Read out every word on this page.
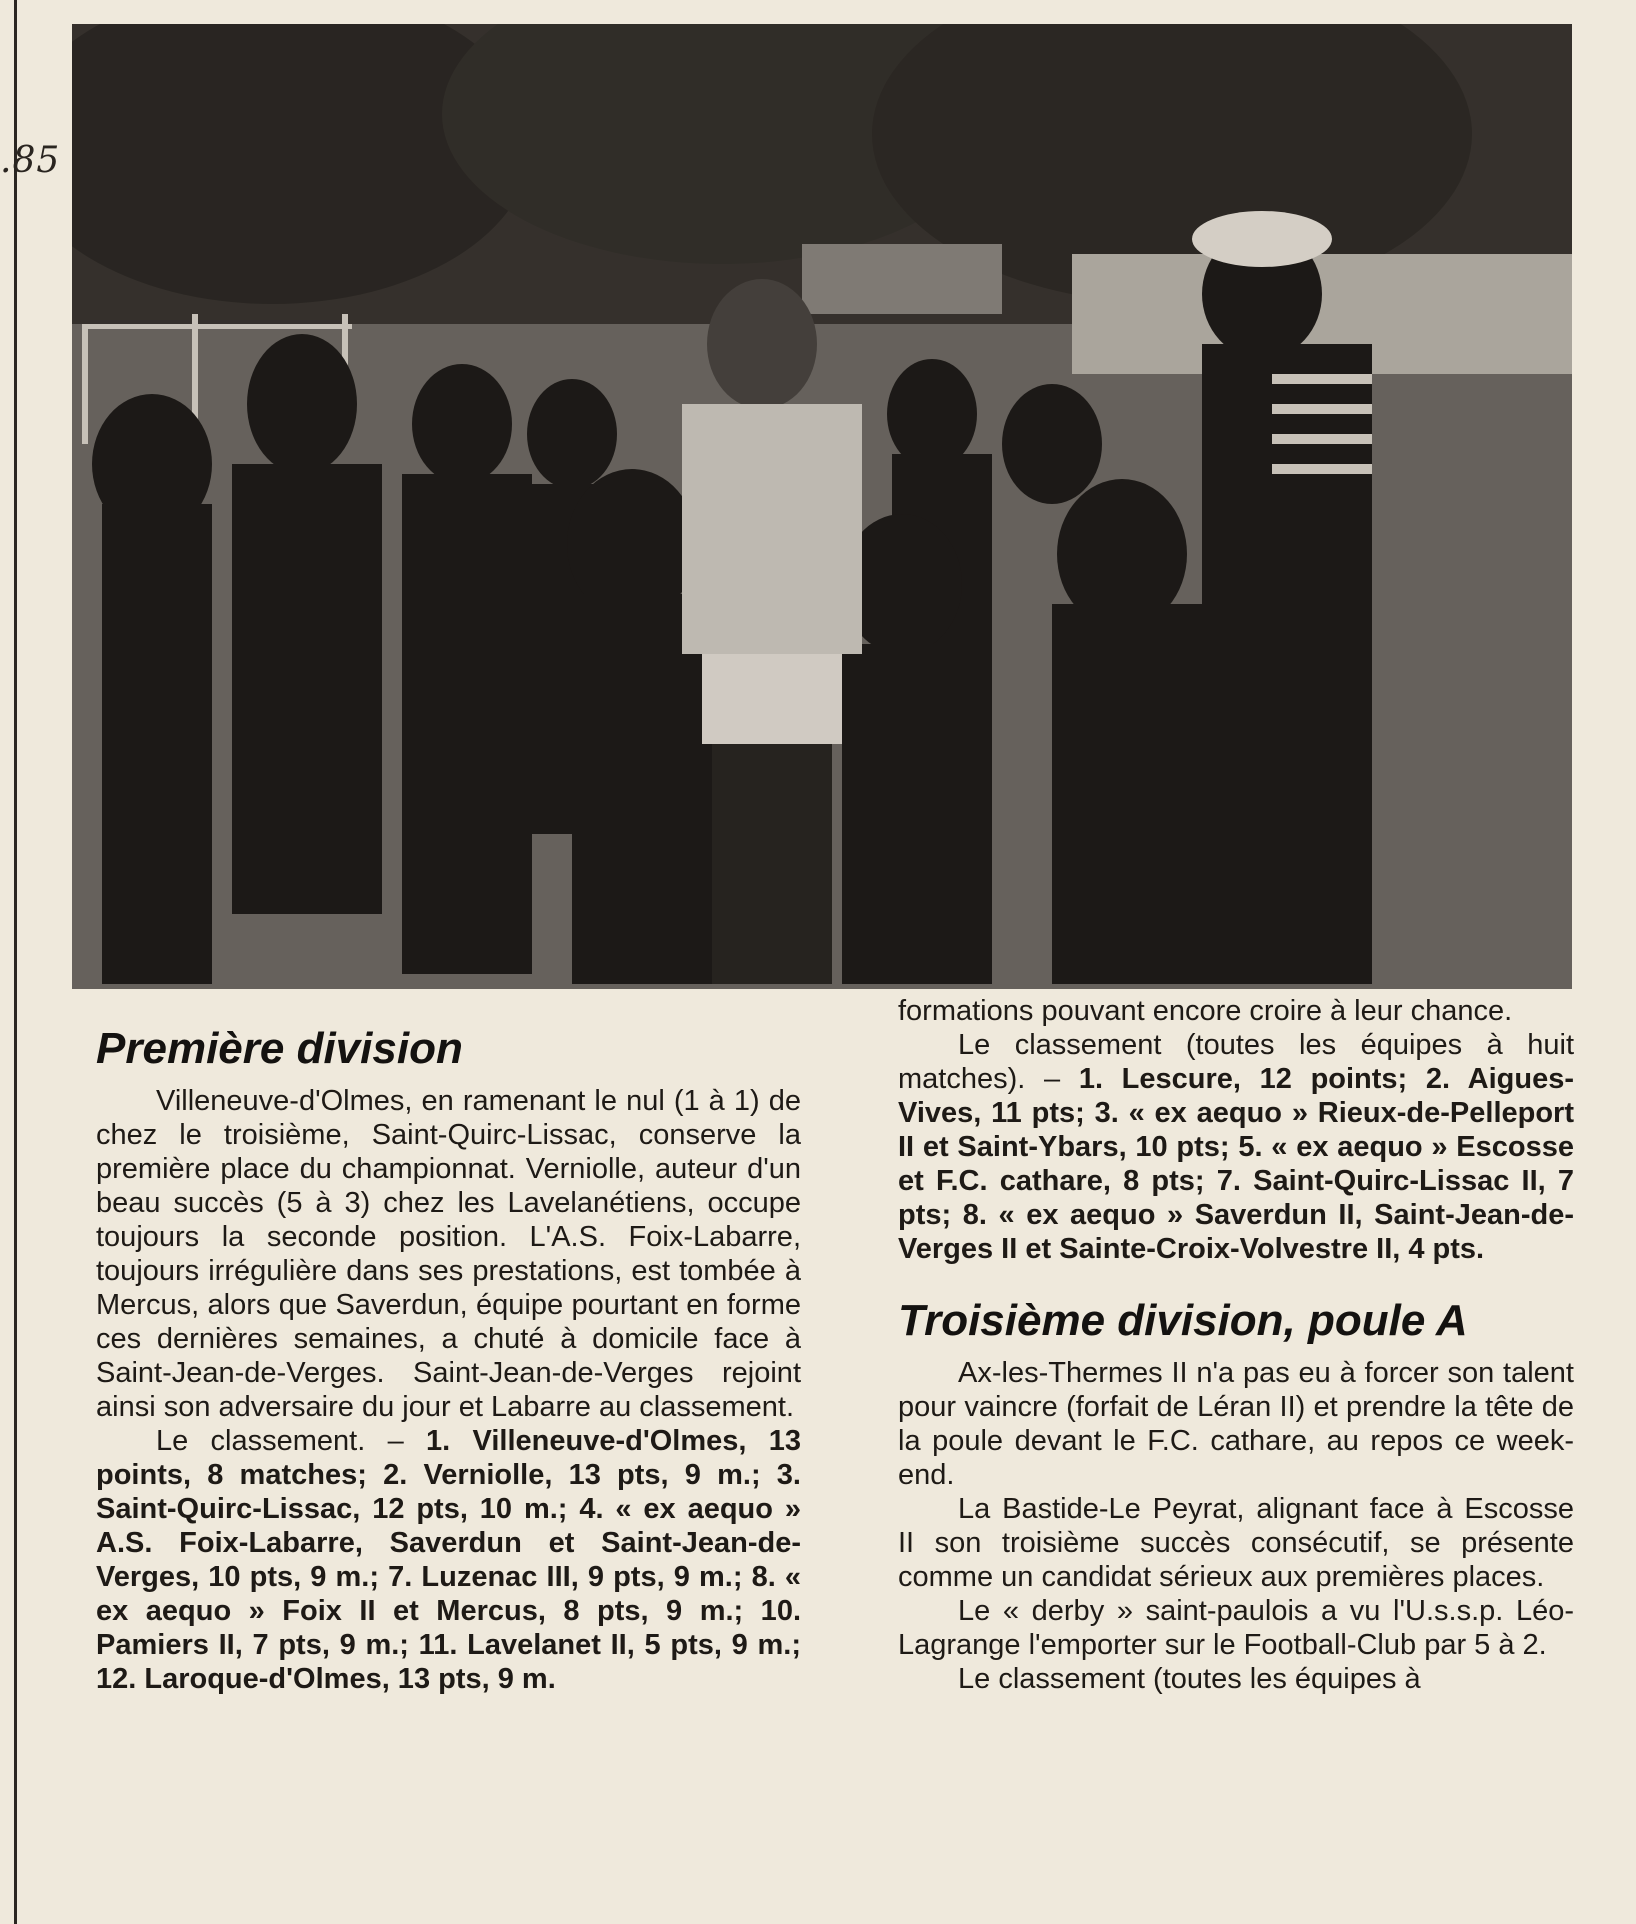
.85
Première division

Villeneuve-d'Olmes, en ramenant le nul (1 à 1) de chez le troisième, Saint-Quirc-Lissac, conserve la première place du championnat. Verniolle, auteur d'un beau succès (5 à 3) chez les Lavelanétiens, occupe toujours la seconde position. L'A.S. Foix-Labarre, toujours irrégulière dans ses prestations, est tombée à Mercus, alors que Saverdun, équipe pourtant en forme ces dernières semaines, a chuté à domicile face à Saint-Jean-de-Verges. Saint-Jean-de-Verges rejoint ainsi son adversaire du jour et Labarre au classement.

Le classement. – 1. Villeneuve-d'Olmes, 13 points, 8 matches; 2. Verniolle, 13 pts, 9 m.; 3. Saint-Quirc-Lissac, 12 pts, 10 m.; 4. « ex aequo » A.S. Foix-Labarre, Saverdun et Saint-Jean-de-Verges, 10 pts, 9 m.; 7. Luzenac III, 9 pts, 9 m.; 8. « ex aequo » Foix II et Mercus, 8 pts, 9 m.; 10. Pamiers II, 7 pts, 9 m.; 11. Lavelanet II, 5 pts, 9 m.; 12. Laroque-d'Olmes, 13 pts, 9 m.

formations pouvant encore croire à leur chance.

Le classement (toutes les équipes à huit matches). – 1. Lescure, 12 points; 2. Aigues-Vives, 11 pts; 3. « ex aequo » Rieux-de-Pelleport II et Saint-Ybars, 10 pts; 5. « ex aequo » Escosse et F.C. cathare, 8 pts; 7. Saint-Quirc-Lissac II, 7 pts; 8. « ex aequo » Saverdun II, Saint-Jean-de-Verges II et Sainte-Croix-Volvestre II, 4 pts.

Troisième division, poule A

Ax-les-Thermes II n'a pas eu à forcer son talent pour vaincre (forfait de Léran II) et prendre la tête de la poule devant le F.C. cathare, au repos ce week-end.

La Bastide-Le Peyrat, alignant face à Escosse II son troisième succès consécutif, se présente comme un candidat sérieux aux premières places.

Le « derby » saint-paulois a vu l'U.s.s.p. Léo-Lagrange l'emporter sur le Football-Club par 5 à 2.

Le classement (toutes les équipes à
